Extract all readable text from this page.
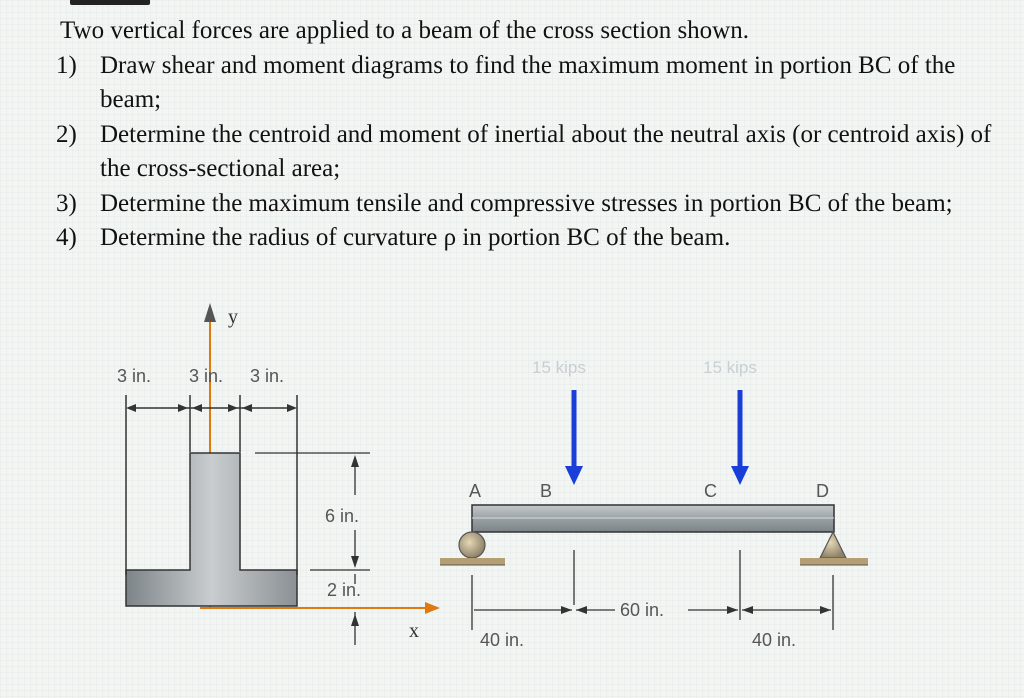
Two vertical forces are applied to a beam of the cross section shown.

1) Draw shear and moment diagrams to find the maximum moment in portion BC of the beam;

2) Determine the centroid and moment of inertial about the neutral axis (or centroid axis) of the cross-sectional area;

3) Determine the maximum tensile and compressive stresses in portion BC of the beam;

4) Determine the radius of curvature ρ in portion BC of the beam.

y
x
3 in. 3 in. 3 in.
6 in.
2 in.
15 kips	15 kips
A	B	C	D
60 in.
40 in.	40 in.
